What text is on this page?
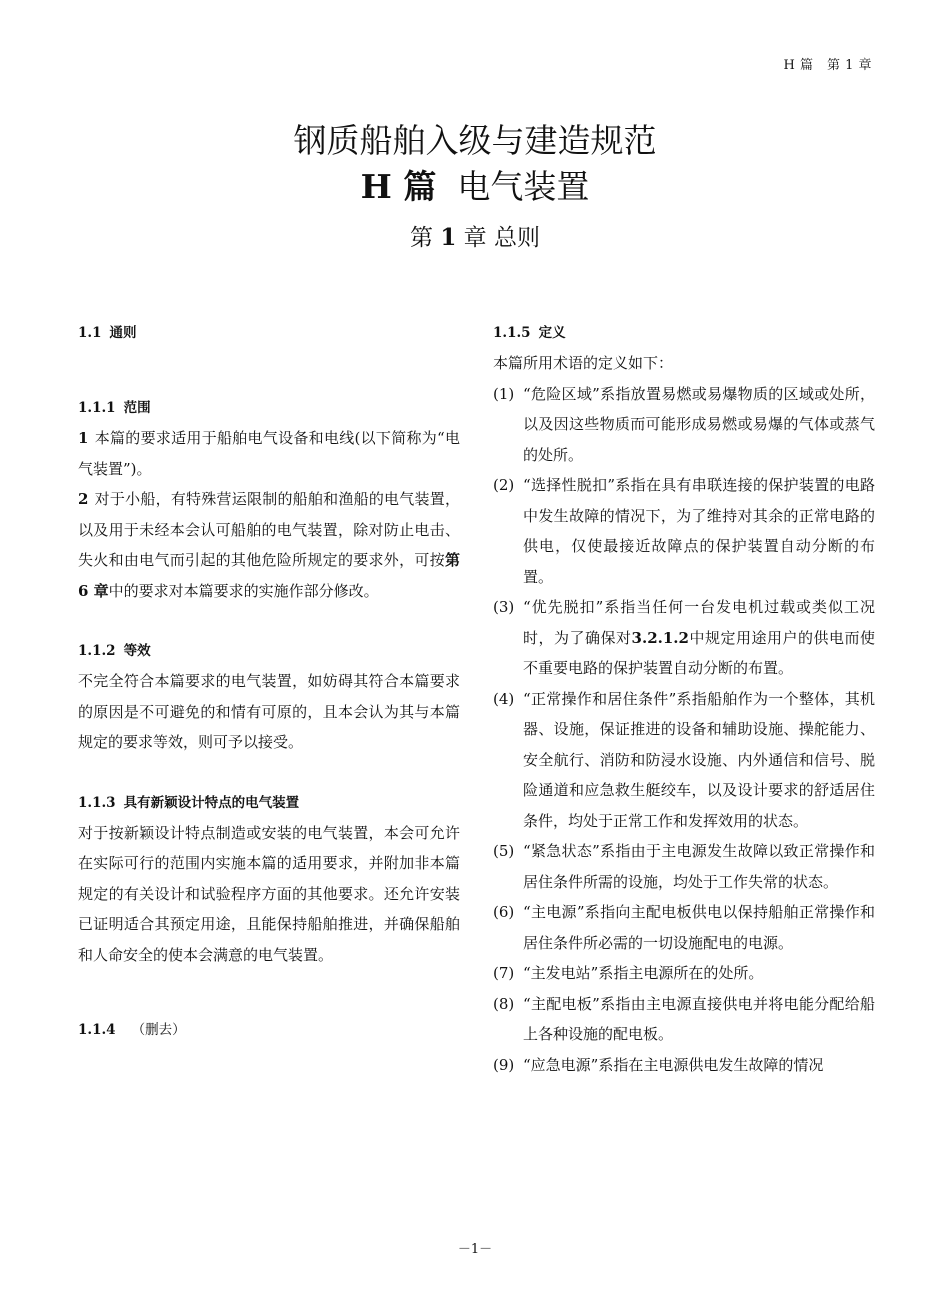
H 篇　第 1 章
钢质船舶入级与建造规范
H 篇 电气装置
第 1 章 总则
1.1 通则
1.1.1 范围
1 本篇的要求适用于船舶电气设备和电线(以下简称为“电气装置”)。
2 对于小船，有特殊营运限制的船舶和渔船的电气装置，以及用于未经本会认可船舶的电气装置，除对防止电击、失火和由电气而引起的其他危险所规定的要求外，可按第 6 章中的要求对本篇要求的实施作部分修改。
1.1.2 等效
不完全符合本篇要求的电气装置，如妨碍其符合本篇要求的原因是不可避免的和情有可原的，且本会认为其与本篇规定的要求等效，则可予以接受。
1.1.3 具有新颖设计特点的电气装置
对于按新颖设计特点制造或安装的电气装置，本会可允许在实际可行的范围内实施本篇的适用要求，并附加非本篇规定的有关设计和试验程序方面的其他要求。还允许安装已证明适合其预定用途，且能保持船舶推进，并确保船舶和人命安全的使本会满意的电气装置。
1.1.4 （删去）
1.1.5 定义
本篇所用术语的定义如下：
(1) “危险区域”系指放置易燃或易爆物质的区域或处所，以及因这些物质而可能形成易燃或易爆的气体或蒸气的处所。
(2) “选择性脱扣”系指在具有串联连接的保护装置的电路中发生故障的情况下，为了维持对其余的正常电路的供电，仅使最接近故障点的保护装置自动分断的布置。
(3) “优先脱扣”系指当任何一台发电机过载或类似工况时，为了确保对3.2.1.2中规定用途用户的供电而使不重要电路的保护装置自动分断的布置。
(4) “正常操作和居住条件”系指船舶作为一个整体，其机器、设施，保证推进的设备和辅助设施、操舵能力、安全航行、消防和防浸水设施、内外通信和信号、脱险通道和应急救生艇绞车，以及设计要求的舒适居住条件，均处于正常工作和发挥效用的状态。
(5) “紧急状态”系指由于主电源发生故障以致正常操作和居住条件所需的设施，均处于工作失常的状态。
(6) “主电源”系指向主配电板供电以保持船舶正常操作和居住条件所必需的一切设施配电的电源。
(7) “主发电站”系指主电源所在的处所。
(8) “主配电板”系指由主电源直接供电并将电能分配给船上各种设施的配电板。
(9) “应急电源”系指在主电源供电发生故障的情况
－1－
